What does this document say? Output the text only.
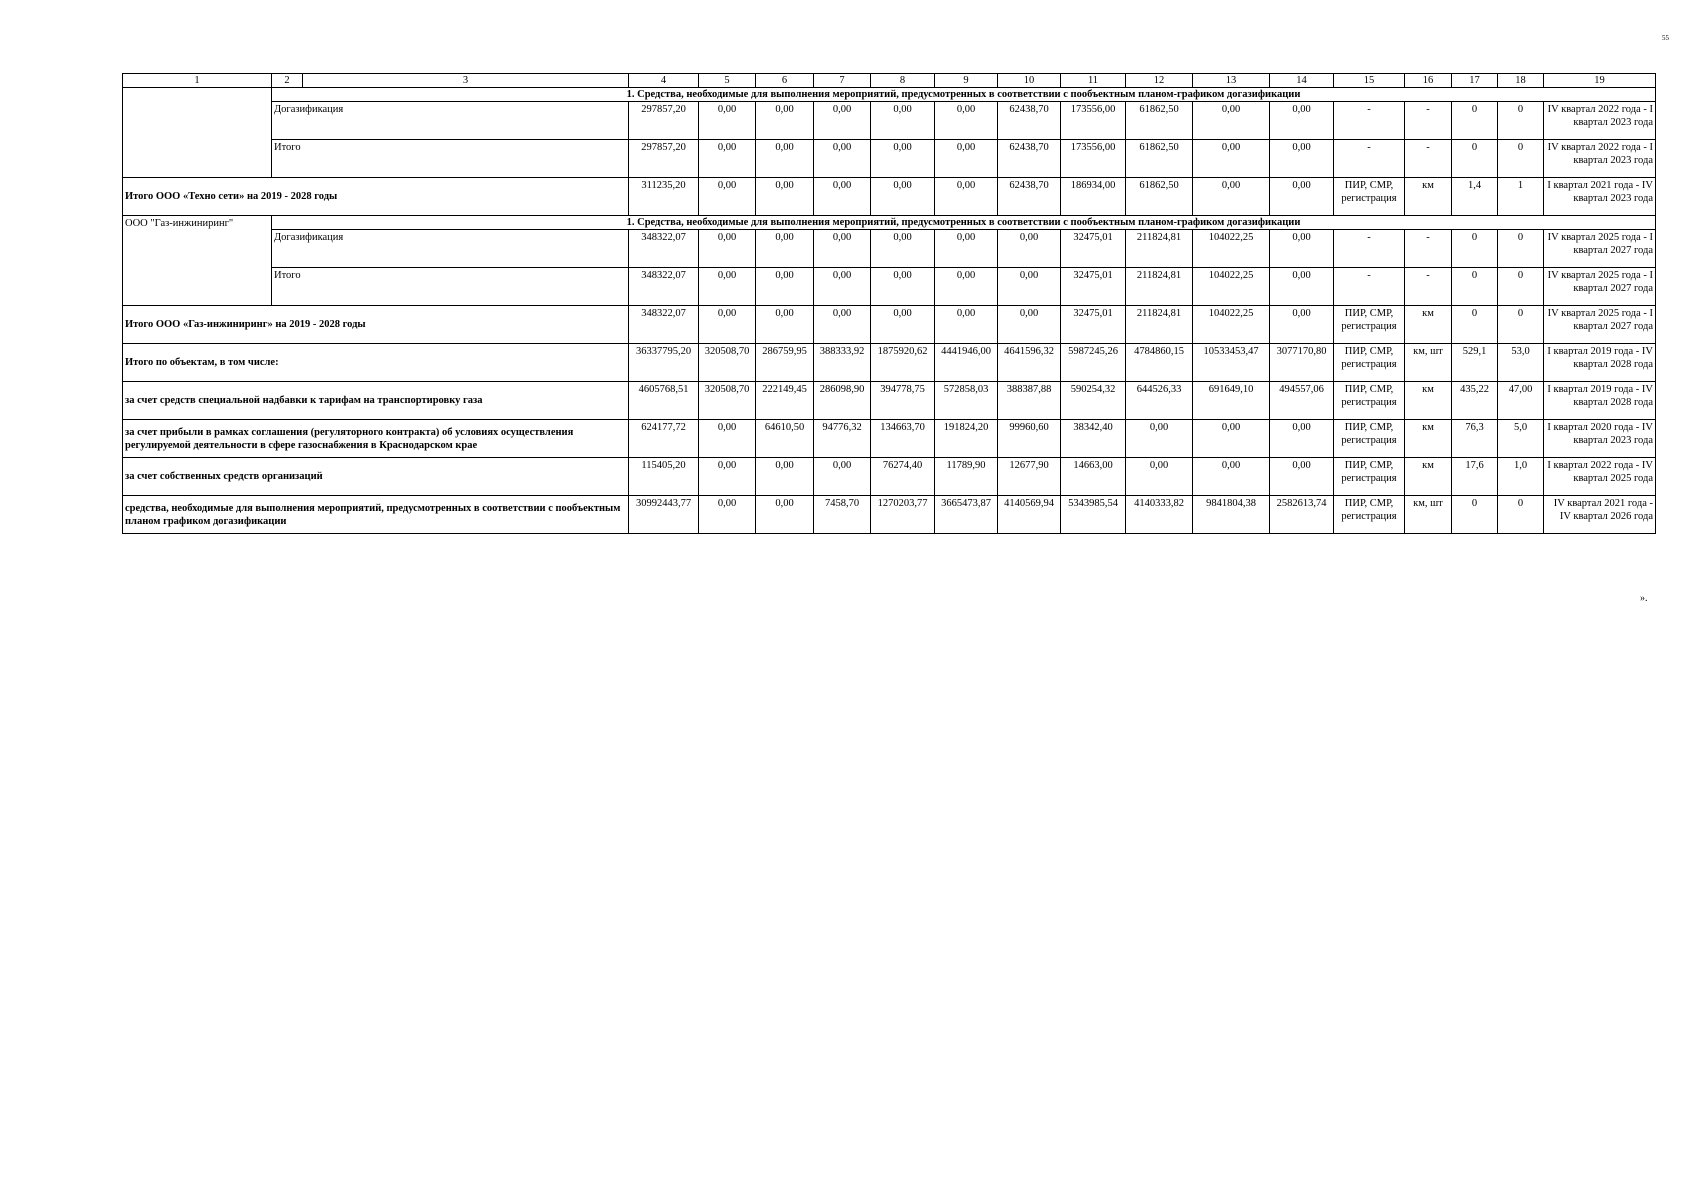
55
1	2	3	4	5	6	7	8	9	10	11	12	13	14	15	16	17	18	19
	1. Средства, необходимые для выполнения мероприятий, предусмотренных в соответствии с пообъектным планом-графиком догазификации																	
	Догазификация		297857,20	0,00	0,00	0,00	0,00	0,00	62438,70	173556,00	61862,50	0,00	0,00	-	-	0	0	IV квартал 2022 года - I квартал 2023 года
	Итого		297857,20	0,00	0,00	0,00	0,00	0,00	62438,70	173556,00	61862,50	0,00	0,00	-	-	0	0	IV квартал 2022 года - I квартал 2023 года
Итого ООО «Техно сети» на 2019 - 2028 годы			311235,20	0,00	0,00	0,00	0,00	0,00	62438,70	186934,00	61862,50	0,00	0,00	ПИР, СМР, регистрация	км	1,4	1	I квартал 2021 года - IV квартал 2023 года
ООО "Газ-инжиниринг"	1. Средства, необходимые для выполнения мероприятий, предусмотренных в соответствии с пообъектным планом-графиком догазификации																	
	Догазификация		348322,07	0,00	0,00	0,00	0,00	0,00	0,00	32475,01	211824,81	104022,25	0,00	-	-	0	0	IV квартал 2025 года - I квартал 2027 года
	Итого		348322,07	0,00	0,00	0,00	0,00	0,00	0,00	32475,01	211824,81	104022,25	0,00	-	-	0	0	IV квартал 2025 года - I квартал 2027 года
Итого ООО «Газ-инжиниринг» на 2019 - 2028 годы			348322,07	0,00	0,00	0,00	0,00	0,00	0,00	32475,01	211824,81	104022,25	0,00	ПИР, СМР, регистрация	км	0	0	IV квартал 2025 года - I квартал 2027 года
Итого по объектам, в том числе:			36337795,20	320508,70	286759,95	388333,92	1875920,62	4441946,00	4641596,32	5987245,26	4784860,15	10533453,47	3077170,80	ПИР, СМР, регистрация	км, шт	529,1	53,0	I квартал 2019 года - IV квартал 2028 года
за счет средств специальной надбавки к тарифам на транспортировку газа			4605768,51	320508,70	222149,45	286098,90	394778,75	572858,03	388387,88	590254,32	644526,33	691649,10	494557,06	ПИР, СМР, регистрация	км	435,22	47,00	I квартал 2019 года - IV квартал 2028 года
за счет прибыли в рамках соглашения (регуляторного контракта) об условиях осуществления регулируемой деятельности в сфере газоснабжения в Краснодарском крае			624177,72	0,00	64610,50	94776,32	134663,70	191824,20	99960,60	38342,40	0,00	0,00	0,00	ПИР, СМР, регистрация	км	76,3	5,0	I квартал 2020 года - IV квартал 2023 года
за счет собственных средств организаций			115405,20	0,00	0,00	0,00	76274,40	11789,90	12677,90	14663,00	0,00	0,00	0,00	ПИР, СМР, регистрация	км	17,6	1,0	I квартал 2022 года - IV квартал 2025 года
средства, необходимые для выполнения мероприятий, предусмотренных в соответствии с пообъектным планом графиком догазификации			30992443,77	0,00	0,00	7458,70	1270203,77	3665473,87	4140569,94	5343985,54	4140333,82	9841804,38	2582613,74	ПИР, СМР, регистрация	км, шт	0	0	IV квартал 2021 года - IV квартал 2026 года
».
